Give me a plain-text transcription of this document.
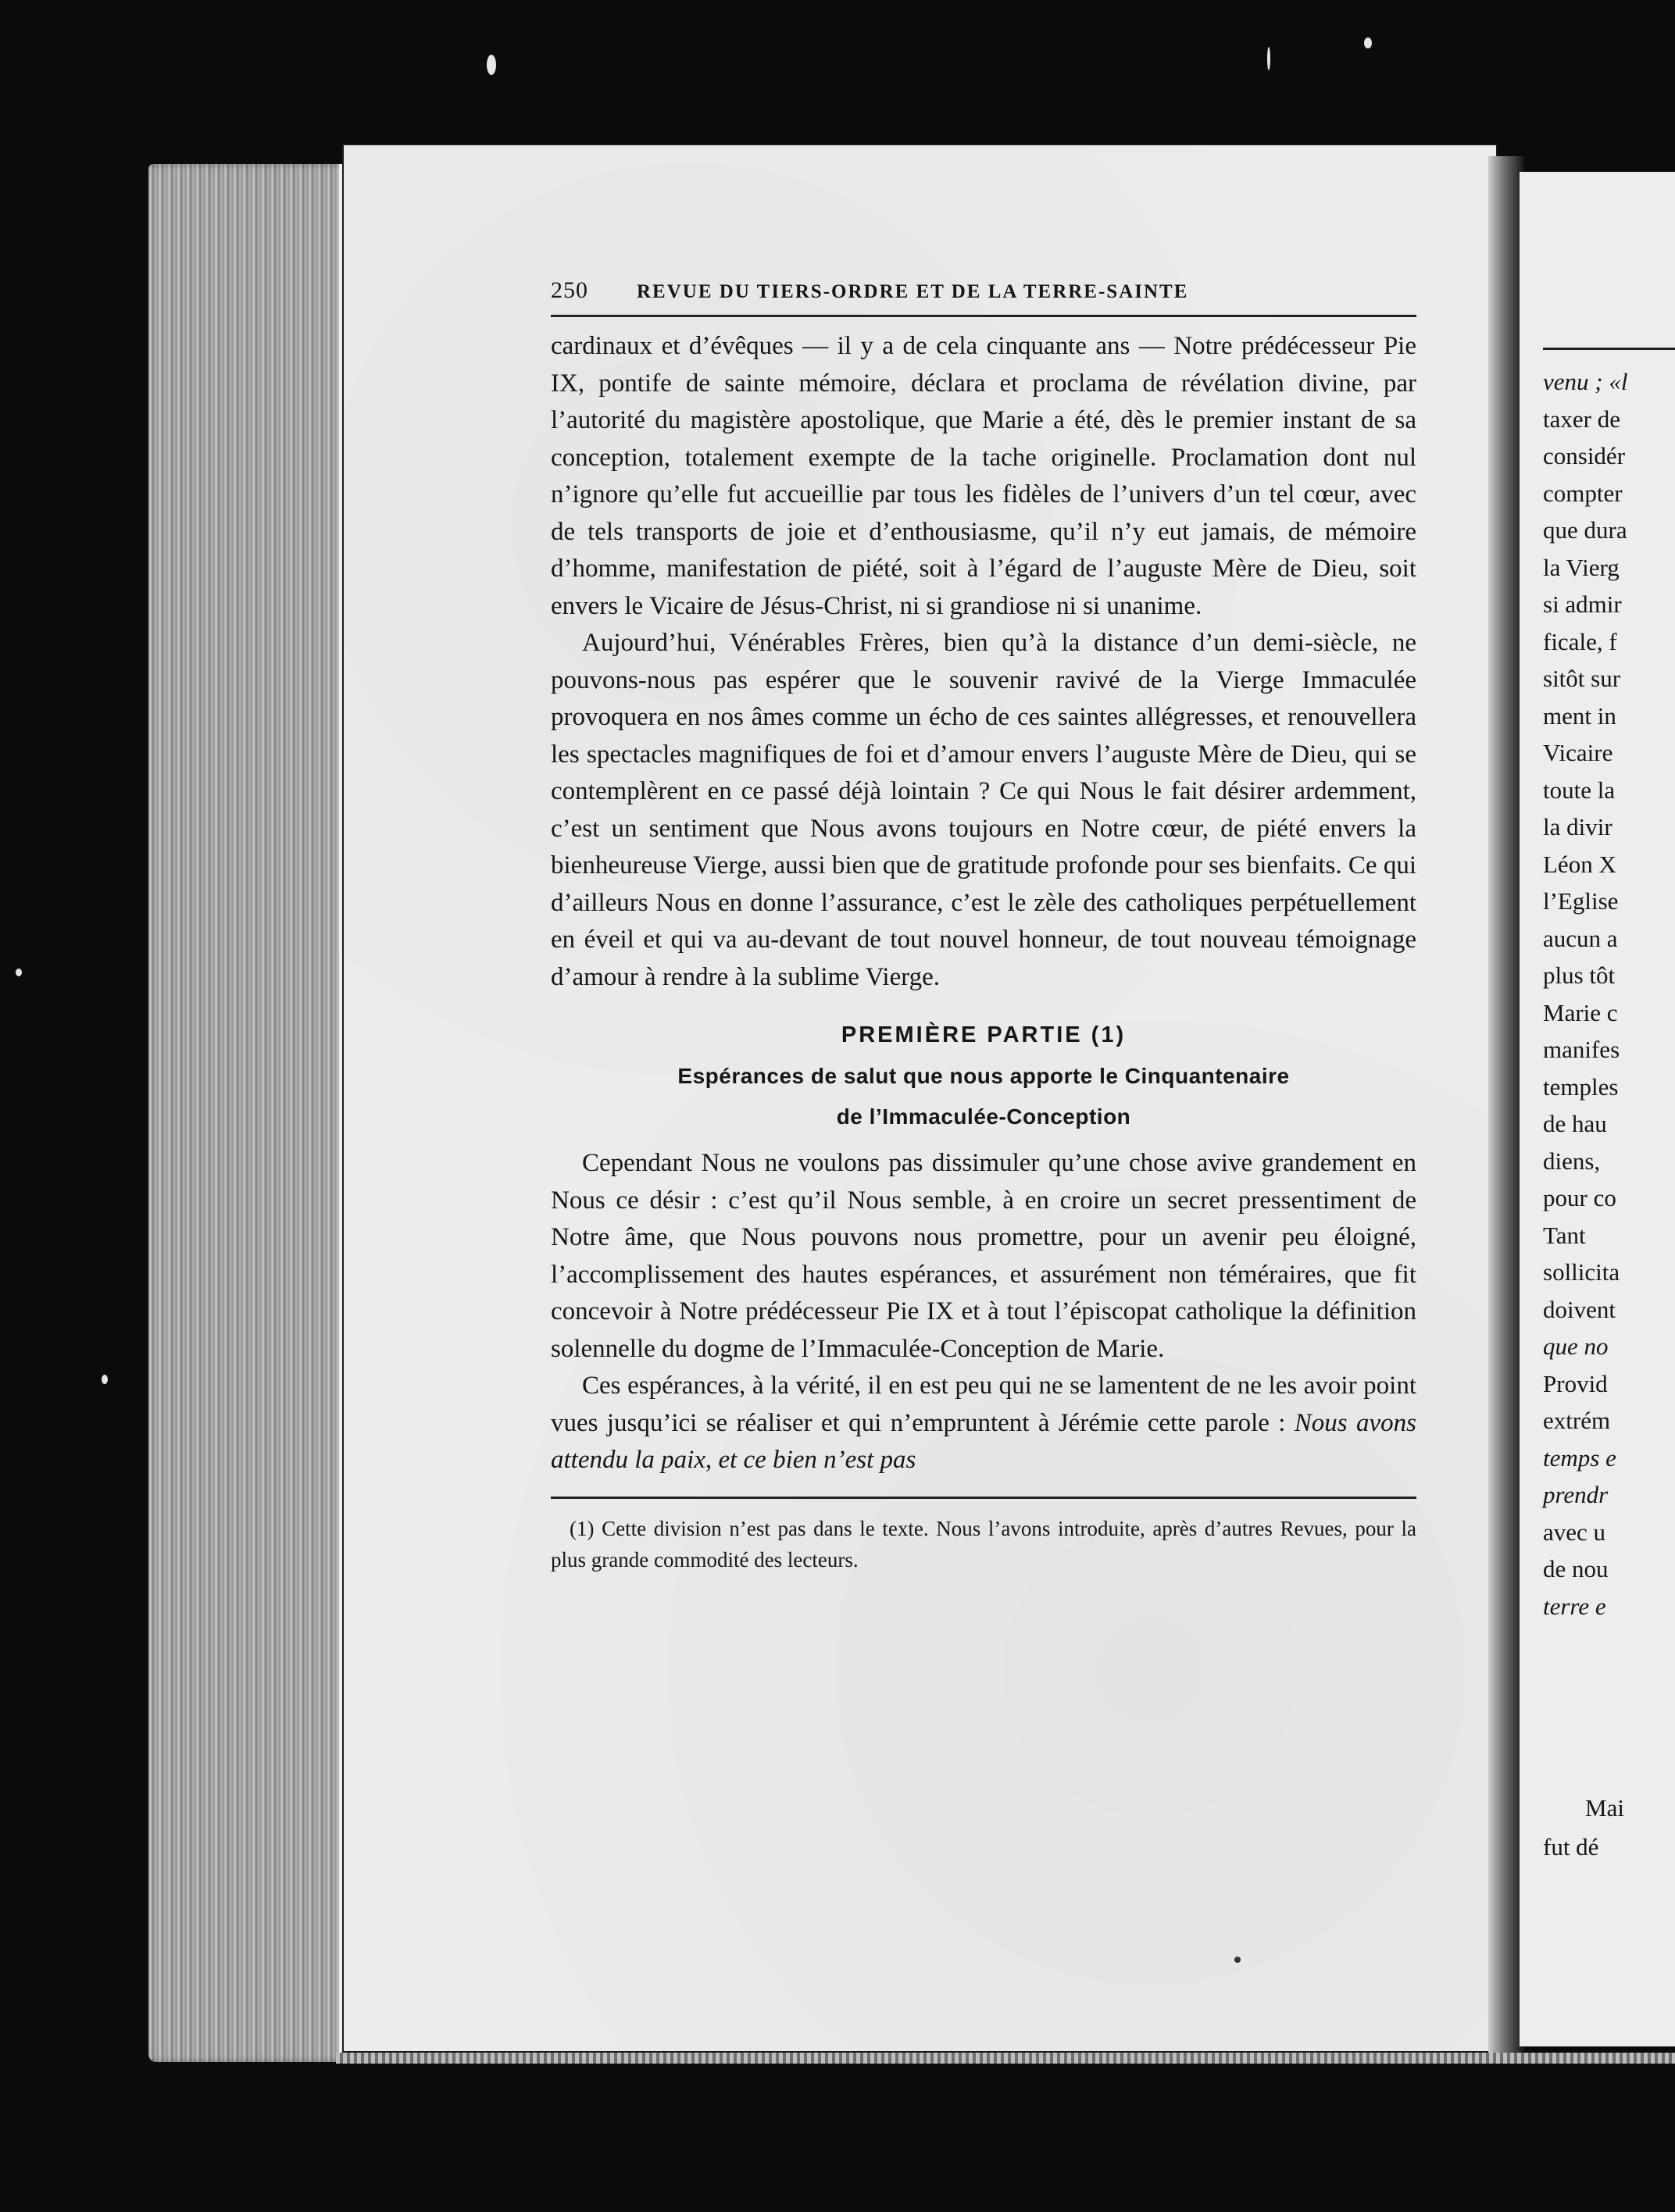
250	REVUE DU TIERS-ORDRE ET DE LA TERRE-SAINTE

cardinaux et d’évêques — il y a de cela cinquante ans — Notre prédécesseur Pie IX, pontife de sainte mémoire, déclara et proclama de révélation divine, par l’autorité du magistère apostolique, que Marie a été, dès le premier instant de sa conception, totalement exempte de la tache originelle. Proclamation dont nul n’ignore qu’elle fut accueillie par tous les fidèles de l’univers d’un tel cœur, avec de tels transports de joie et d’enthousiasme, qu’il n’y eut jamais, de mémoire d’homme, manifestation de piété, soit à l’égard de l’auguste Mère de Dieu, soit envers le Vicaire de Jésus-Christ, ni si grandiose ni si unanime.

Aujourd’hui, Vénérables Frères, bien qu’à la distance d’un demi-siècle, ne pouvons-nous pas espérer que le souvenir ravivé de la Vierge Immaculée provoquera en nos âmes comme un écho de ces saintes allégresses, et renouvellera les spectacles magnifiques de foi et d’amour envers l’auguste Mère de Dieu, qui se contemplèrent en ce passé déjà lointain ? Ce qui Nous le fait désirer ardemment, c’est un sentiment que Nous avons toujours en Notre cœur, de piété envers la bienheureuse Vierge, aussi bien que de gratitude profonde pour ses bienfaits. Ce qui d’ailleurs Nous en donne l’assurance, c’est le zèle des catholiques perpétuellement en éveil et qui va au-devant de tout nouvel honneur, de tout nouveau témoignage d’amour à rendre à la sublime Vierge.

PREMIÈRE PARTIE (1)
Espérances de salut que nous apporte le Cinquantenaire
de l’Immaculée-Conception

Cependant Nous ne voulons pas dissimuler qu’une chose avive grandement en Nous ce désir : c’est qu’il Nous semble, à en croire un secret pressentiment de Notre âme, que Nous pouvons nous promettre, pour un avenir peu éloigné, l’accomplissement des hautes espérances, et assurément non téméraires, que fit concevoir à Notre prédécesseur Pie IX et à tout l’épiscopat catholique la définition solennelle du dogme de l’Immaculée-Conception de Marie.

Ces espérances, à la vérité, il en est peu qui ne se lamentent de ne les avoir point vues jusqu’ici se réaliser et qui n’empruntent à Jérémie cette parole : Nous avons attendu la paix, et ce bien n’est pas

(1) Cette division n’est pas dans le texte. Nous l’avons introduite, après d’autres Revues, pour la plus grande commodité des lecteurs.

venu ; «l
taxer de
considér
compter
que dura
la Vierg
si admir
ficale, f
sitôt sur
ment in
Vicaire
toute la
la divir
Léon X
l’Eglise
aucun a
plus tôt
Marie c
manifes
temples
de hau
diens,
pour co
Tant
sollicita
doivent
que no
Provid
extrém
temps e
prendr
avec u
de nou
terre e
Mai
fut dé
